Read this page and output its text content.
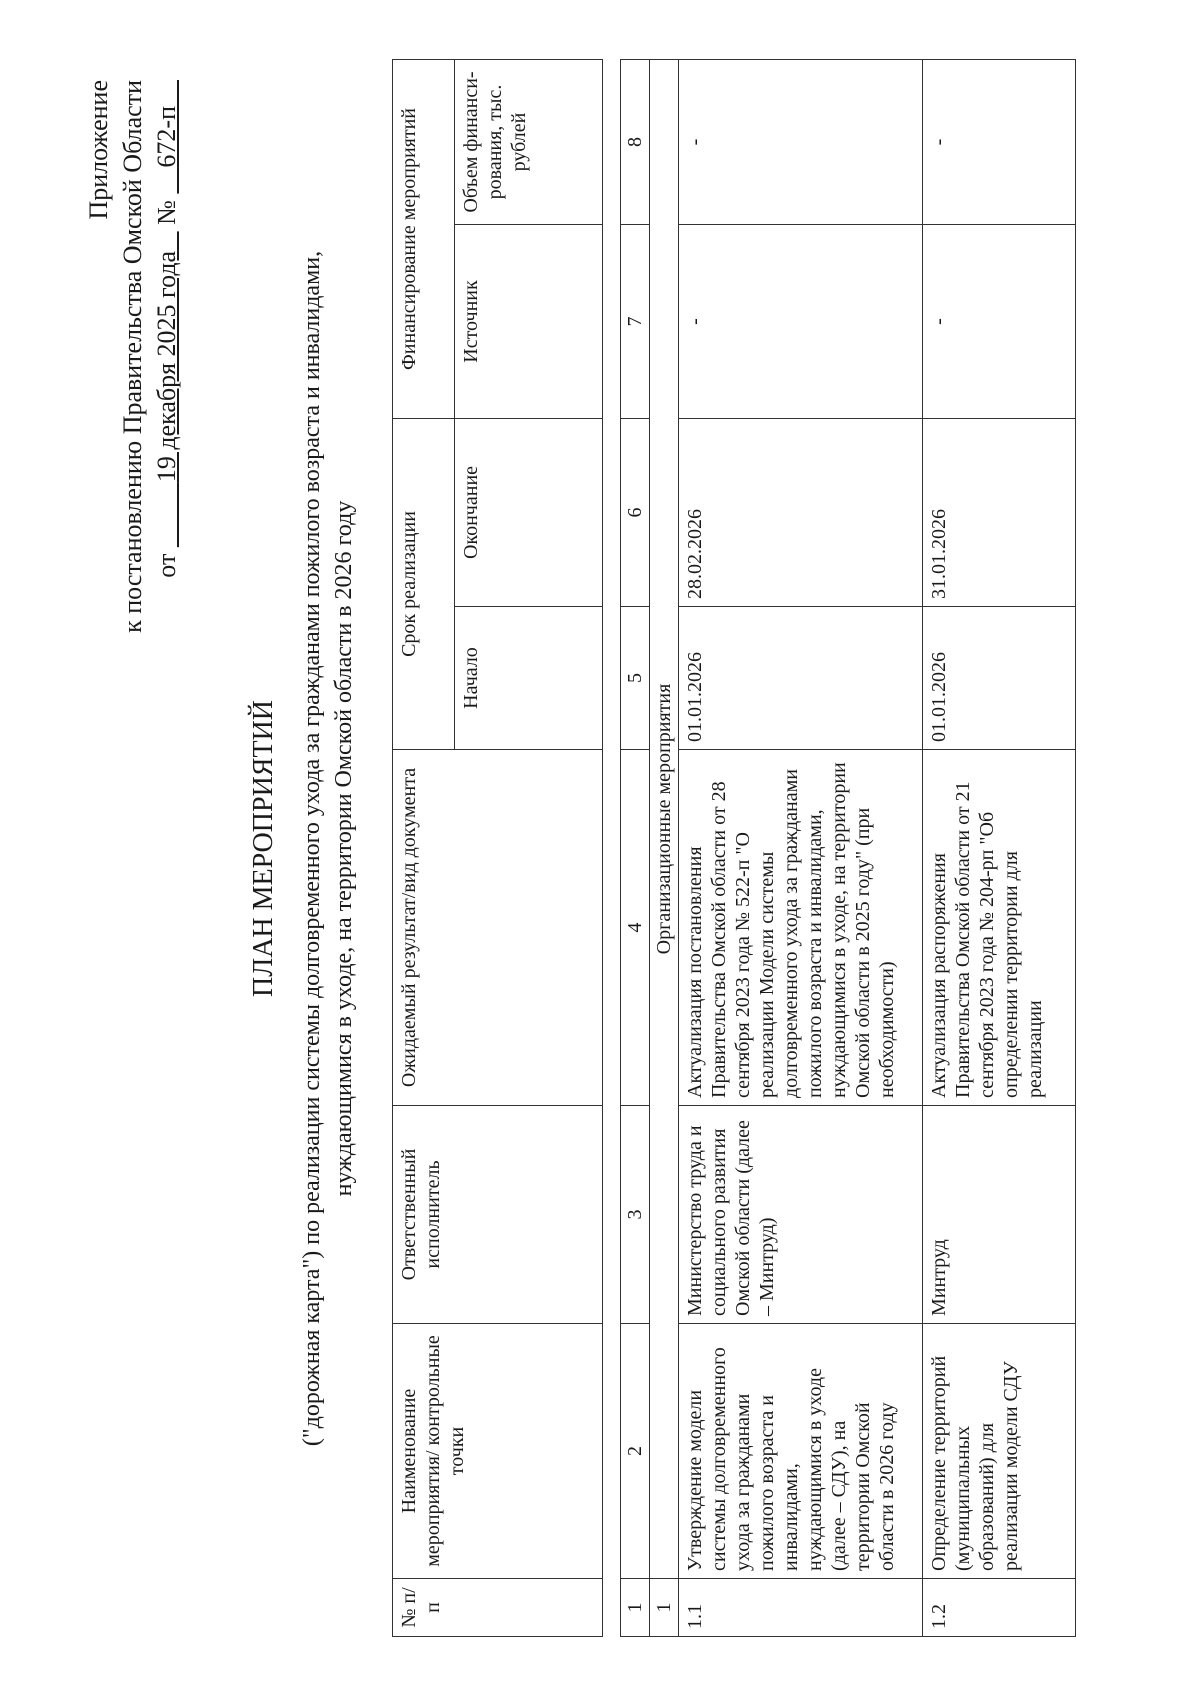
Приложение к постановлению Правительства Омской Области от           19 декабря 2025 года    №     672-п
ПЛАН МЕРОПРИЯТИЙ ("дорожная карта") по реализации системы долговременного ухода за гражданами пожилого возраста и инвалидами, нуждающимися в уходе, на территории Омской области в 2026 году
№ п/п	Наименование мероприятия/ контрольные точки	Ответственный исполнитель	Ожидаемый результат/вид документа	Срок реализации		Финансирование мероприятий	
				Начало	Окончание	Источник	Объем финанси-рования, тыс. рублей
1	2	3	4	5	6	7	8
1	Организационные мероприятия						
1.1	Утверждение модели системы долговременного ухода за гражданами пожилого возраста и инвалидами, нуждающимися в уходе (далее – СДУ), на территории Омской области в 2026 году	Министерство труда и социального развития Омской области (далее – Минтруд)	Актуализация постановления Правительства Омской области от 28 сентября 2023 года № 522-п "О реализации Модели системы долговременного ухода за гражданами пожилого возраста и инвалидами, нуждающимися в уходе, на территории Омской области в 2025 году" (при необходимости)	01.01.2026	28.02.2026	-	-
1.2	Определение территорий (муниципальных образований) для реализации модели СДУ	Минтруд	Актуализация распоряжения Правительства Омской области от 21 сентября 2023 года № 204-рп "Об определении территории для реализации	01.01.2026	31.01.2026	-	-
